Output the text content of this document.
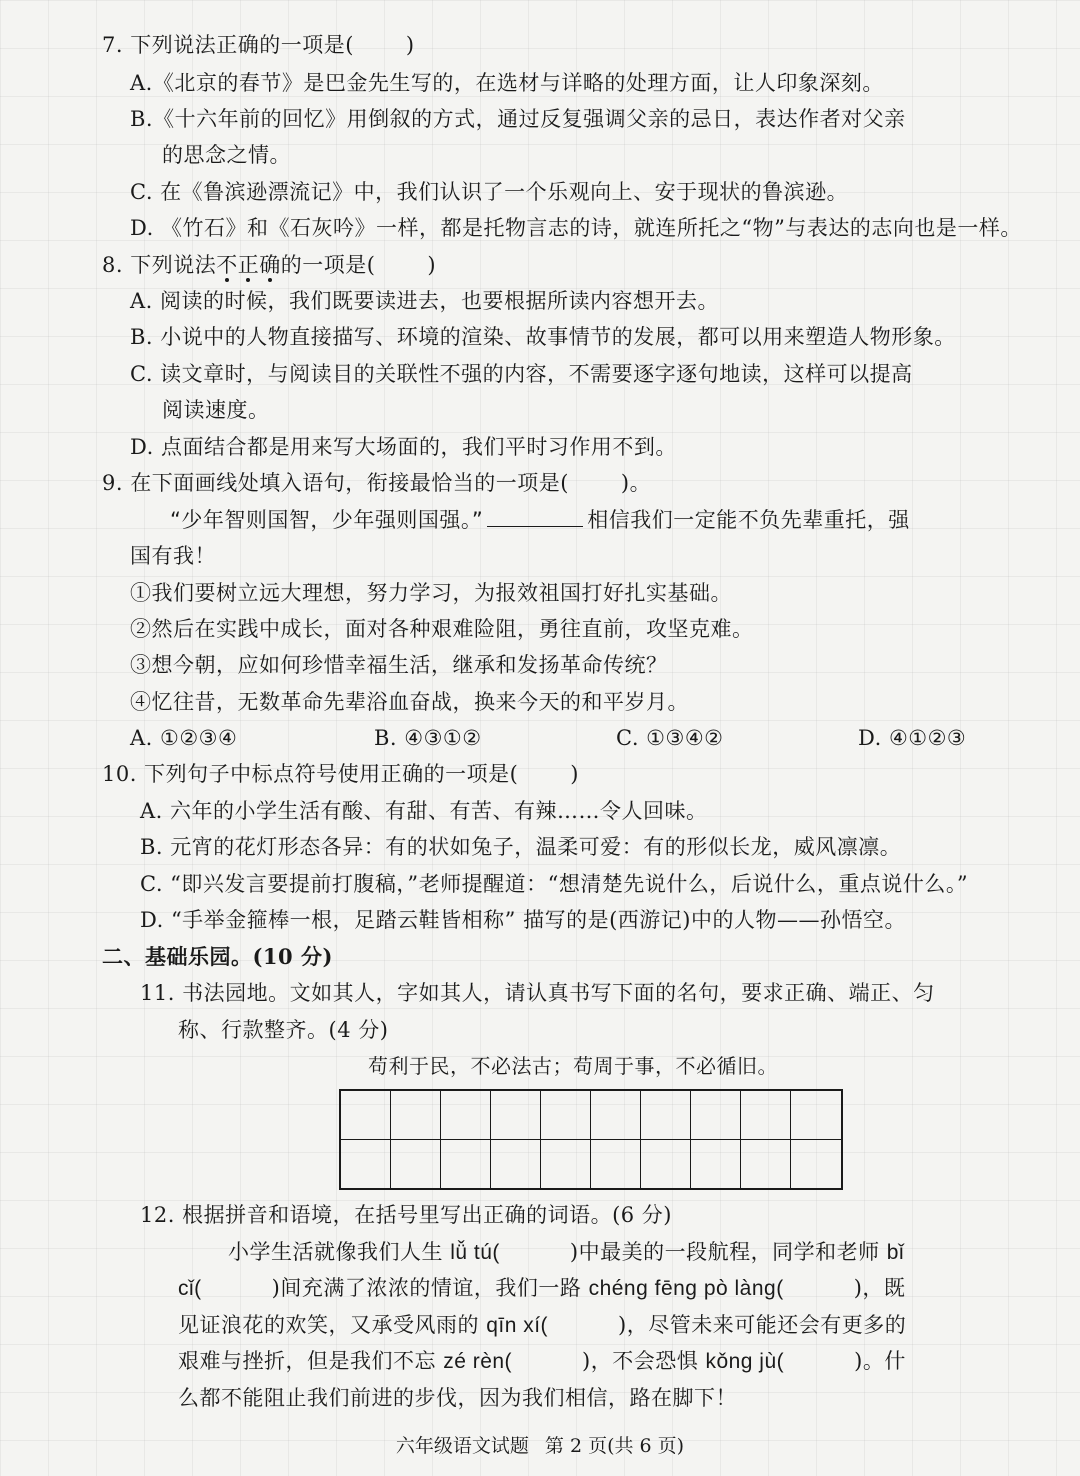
7. 下列说法正确的一项是( )
A.《北京的春节》是巴金先生写的，在选材与详略的处理方面，让人印象深刻。
B.《十六年前的回忆》用倒叙的方式，通过反复强调父亲的忌日，表达作者对父亲
的思念之情。
C. 在《鲁滨逊漂流记》中，我们认识了一个乐观向上、安于现状的鲁滨逊。
D. 《竹石》和《石灰吟》一样，都是托物言志的诗，就连所托之“物”与表达的志向也是一样。
8. 下列说法不正确的一项是( )
A. 阅读的时候，我们既要读进去，也要根据所读内容想开去。
B. 小说中的人物直接描写、环境的渲染、故事情节的发展，都可以用来塑造人物形象。
C. 读文章时，与阅读目的关联性不强的内容，不需要逐字逐句地读，这样可以提高
阅读速度。
D. 点面结合都是用来写大场面的，我们平时习作用不到。
9. 在下面画线处填入语句，衔接最恰当的一项是( )。
“少年智则国智，少年强则国强。”	相信我们一定能不负先辈重托，强
国有我！
①我们要树立远大理想，努力学习，为报效祖国打好扎实基础。
②然后在实践中成长，面对各种艰难险阻，勇往直前，攻坚克难。
③想今朝，应如何珍惜幸福生活，继承和发扬革命传统？
④忆往昔，无数革命先辈浴血奋战，换来今天的和平岁月。
A. ①②③④	B. ④③①②	C. ①③④②	D. ④①②③
10. 下列句子中标点符号使用正确的一项是( )
A. 六年的小学生活有酸、有甜、有苦、有辣……令人回味。
B. 元宵的花灯形态各异：有的状如兔子，温柔可爱：有的形似长龙，威风凛凛。
C. “即兴发言要提前打腹稿，”老师提醒道：“想清楚先说什么，后说什么，重点说什么。”
D. “手举金箍棒一根，足踏云鞋皆相称” 描写的是(西游记)中的人物——孙悟空。
二、基础乐园。(10 分)
11. 书法园地。文如其人，字如其人，请认真书写下面的名句，要求正确、端正、匀
称、行款整齐。(4 分)
苟利于民，不必法古；苟周于事，不必循旧。
12. 根据拼音和语境，在括号里写出正确的词语。(6 分)
小学生活就像我们人生 lǚ tú(	)中最美的一段航程，同学和老师 bǐ
cǐ(	)间充满了浓浓的情谊，我们一路 chéng fēng pò làng(	)，既
见证浪花的欢笑，又承受风雨的 qīn xí(	)，尽管未来可能还会有更多的
艰难与挫折，但是我们不忘 zé rèn(	)，不会恐惧 kǒng jù(	)。什
么都不能阻止我们前进的步伐，因为我们相信，路在脚下！
六年级语文试题 第 2 页(共 6 页)
